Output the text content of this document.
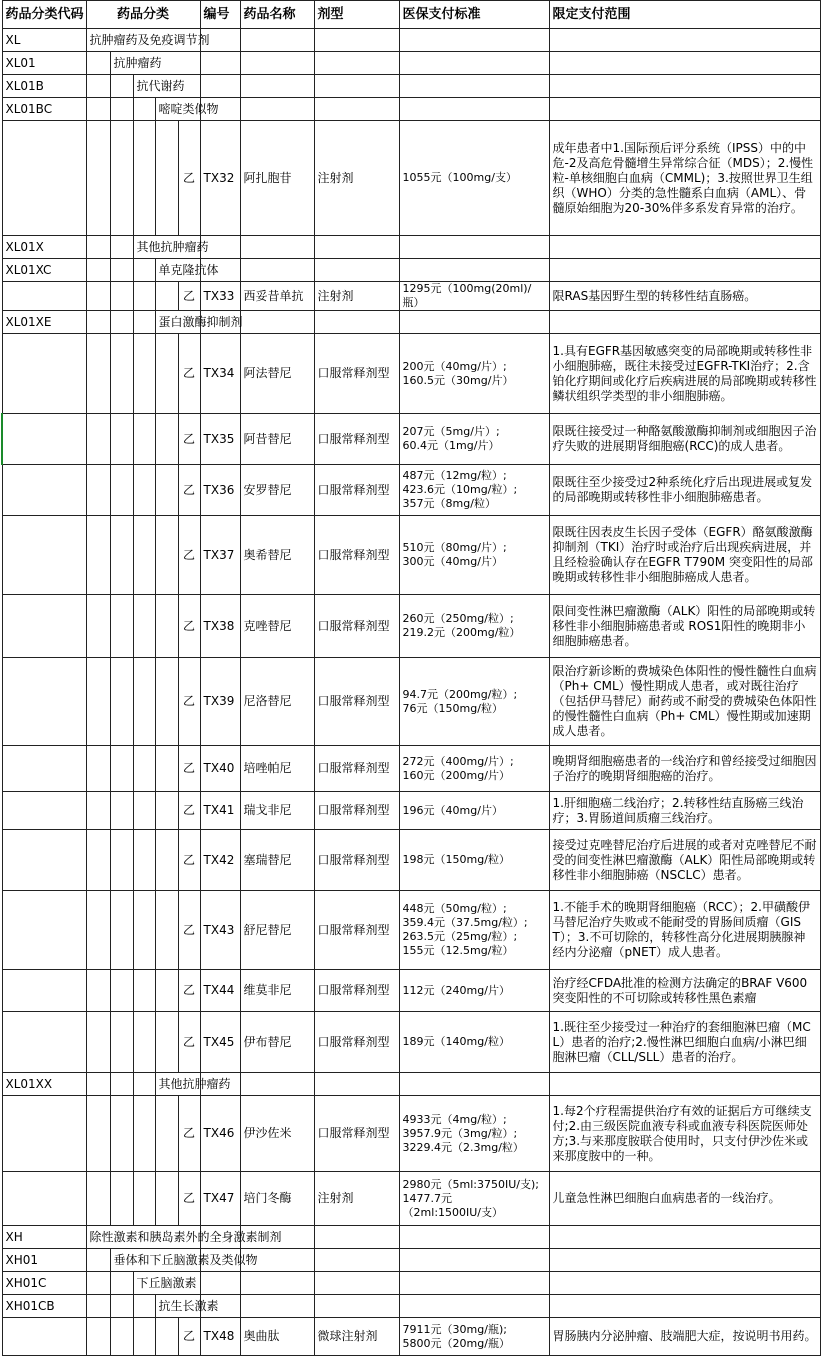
药品分类代码	药品分类					编号	药品名称	剂型	医保支付标准	限定支付范围
XL	抗肿瘤药及免疫调节剂									
XL01		抗肿瘤药								
XL01B			抗代谢药							
XL01BC				嘧啶类似物						
					乙	TX32	阿扎胞苷	注射剂	1055元（100mg/支）	成年患者中1.国际预后评分系统（IPSS）中的中危-2及高危骨髓增生异常综合征（MDS）；2.慢性粒-单核细胞白血病（CMML)；3.按照世界卫生组织（WHO）分类的急性髓系白血病（AML）、骨髓原始细胞为20-30%伴多系发育异常的治疗。
XL01X			其他抗肿瘤药							
XL01XC				单克隆抗体						
					乙	TX33	西妥昔单抗	注射剂	1295元（100mg(20ml)/瓶）	限RAS基因野生型的转移性结直肠癌。
XL01XE				蛋白激酶抑制剂						
					乙	TX34	阿法替尼	口服常释剂型	200元（40mg/片）;
160.5元（30mg/片）	1.具有EGFR基因敏感突变的局部晚期或转移性非小细胞肺癌，既往未接受过EGFR-TKI治疗；2.含铂化疗期间或化疗后疾病进展的局部晚期或转移性鳞状组织学类型的非小细胞肺癌。
					乙	TX35	阿昔替尼	口服常释剂型	207元（5mg/片）;
60.4元（1mg/片）	限既往接受过一种酪氨酸激酶抑制剂或细胞因子治疗失败的进展期肾细胞癌(RCC)的成人患者。
					乙	TX36	安罗替尼	口服常释剂型	487元（12mg/粒）;
423.6元（10mg/粒）;
357元（8mg/粒）	限既往至少接受过2种系统化疗后出现进展或复发的局部晚期或转移性非小细胞肺癌患者。
					乙	TX37	奥希替尼	口服常释剂型	510元（80mg/片）;
300元（40mg/片）	限既往因表皮生长因子受体（EGFR）酪氨酸激酶抑制剂（TKI）治疗时或治疗后出现疾病进展，并且经检验确认存在EGFR T790M 突变阳性的局部晚期或转移性非小细胞肺癌成人患者。
					乙	TX38	克唑替尼	口服常释剂型	260元（250mg/粒）;
219.2元（200mg/粒）	限间变性淋巴瘤激酶（ALK）阳性的局部晚期或转移性非小细胞肺癌患者或 ROS1阳性的晚期非小细胞肺癌患者。
					乙	TX39	尼洛替尼	口服常释剂型	94.7元（200mg/粒）;
76元（150mg/粒）	限治疗新诊断的费城染色体阳性的慢性髓性白血病（Ph+ CML）慢性期成人患者，或对既往治疗（包括伊马替尼）耐药或不耐受的费城染色体阳性的慢性髓性白血病（Ph+ CML）慢性期或加速期成人患者。
					乙	TX40	培唑帕尼	口服常释剂型	272元（400mg/片）;
160元（200mg/片）	晚期肾细胞癌患者的一线治疗和曾经接受过细胞因子治疗的晚期肾细胞癌的治疗。
					乙	TX41	瑞戈非尼	口服常释剂型	196元（40mg/片）	1.肝细胞癌二线治疗；2.转移性结直肠癌三线治疗；3.胃肠道间质瘤三线治疗。
					乙	TX42	塞瑞替尼	口服常释剂型	198元（150mg/粒）	接受过克唑替尼治疗后进展的或者对克唑替尼不耐受的间变性淋巴瘤激酶（ALK）阳性局部晚期或转移性非小细胞肺癌（NSCLC）患者。
					乙	TX43	舒尼替尼	口服常释剂型	448元（50mg/粒）;
359.4元（37.5mg/粒）;
263.5元（25mg/粒）;
155元（12.5mg/粒）	1.不能手术的晚期肾细胞癌（RCC）；2.甲磺酸伊马替尼治疗失败或不能耐受的胃肠间质瘤（GIST）；3.不可切除的，转移性高分化进展期胰腺神经内分泌瘤（pNET）成人患者。
					乙	TX44	维莫非尼	口服常释剂型	112元（240mg/片）	治疗经CFDA批准的检测方法确定的BRAF V600 突变阳性的不可切除或转移性黑色素瘤
					乙	TX45	伊布替尼	口服常释剂型	189元（140mg/粒）	1.既往至少接受过一种治疗的套细胞淋巴瘤（MCL）患者的治疗;2.慢性淋巴细胞白血病/小淋巴细胞淋巴瘤（CLL/SLL）患者的治疗。
XL01XX				其他抗肿瘤药						
					乙	TX46	伊沙佐米	口服常释剂型	4933元（4mg/粒）;
3957.9元（3mg/粒）;
3229.4元（2.3mg/粒）	1.每2个疗程需提供治疗有效的证据后方可继续支付;2.由三级医院血液专科或血液专科医院医师处方;3.与来那度胺联合使用时，只支付伊沙佐米或来那度胺中的一种。
					乙	TX47	培门冬酶	注射剂	2980元（5ml:3750IU/支);
1477.7元
（2ml:1500IU/支）	儿童急性淋巴细胞白血病患者的一线治疗。
XH	除性激素和胰岛素外的全身激素制剂									
XH01		垂体和下丘脑激素及类似物								
XH01C			下丘脑激素							
XH01CB				抗生长激素						
					乙	TX48	奥曲肽	微球注射剂	7911元（30mg/瓶);
5800元（20mg/瓶）	胃肠胰内分泌肿瘤、肢端肥大症，按说明书用药。
